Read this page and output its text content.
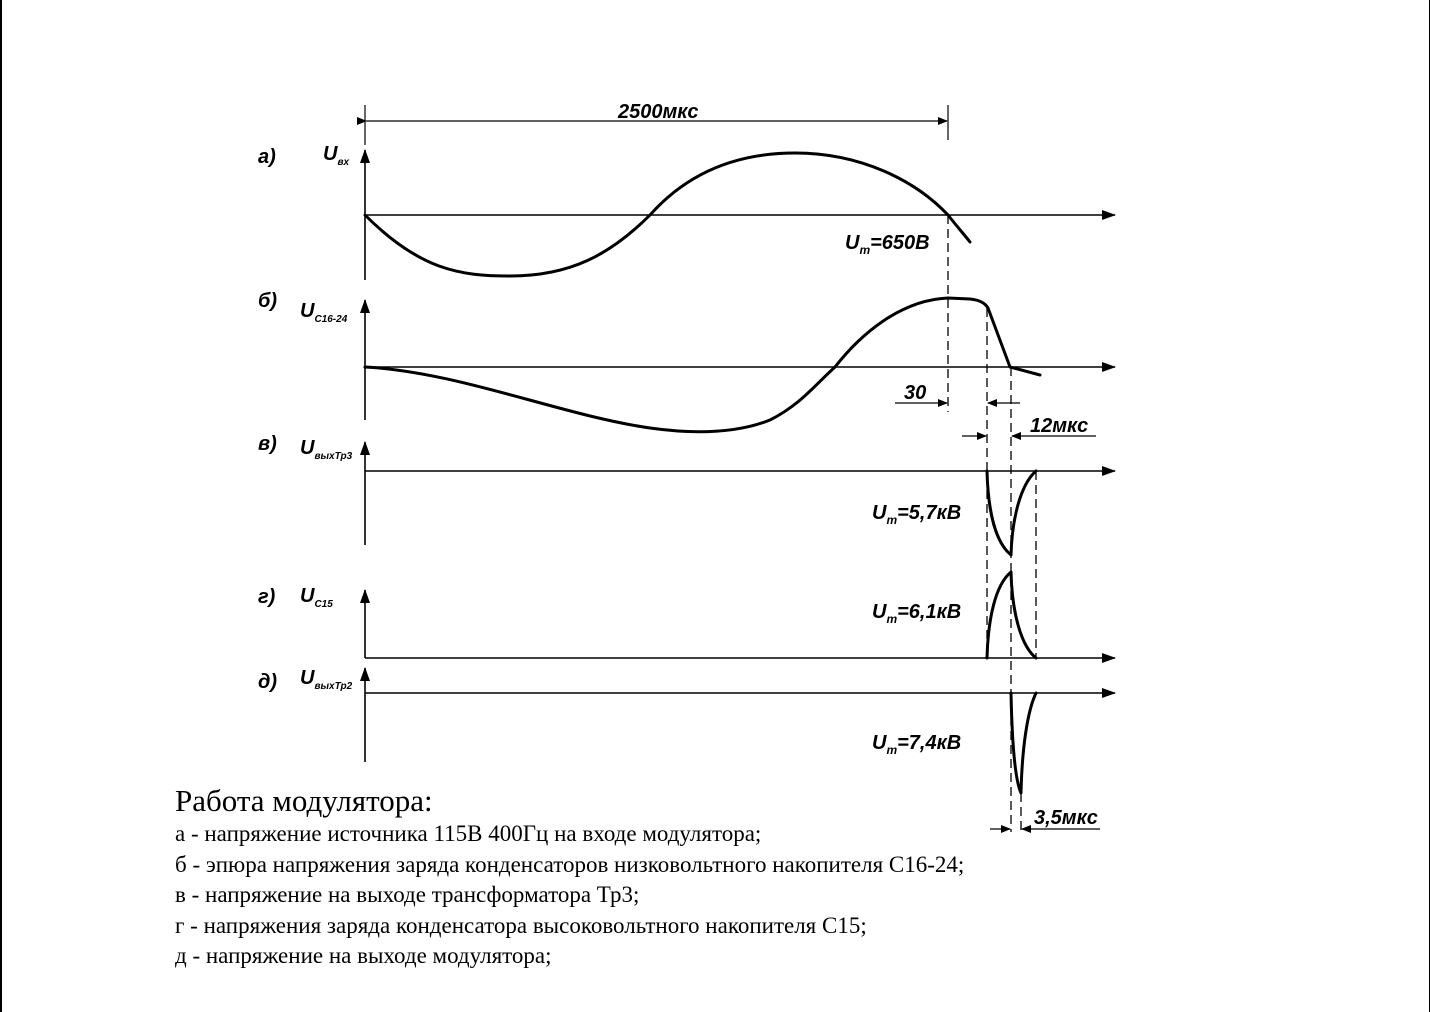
а) $U_{вх}$
$U_m=650В$
2500мкс
б) $U_{С16-24}$
в) $U_{выхТр3}$
$U_m=5,7кВ$
г) $U_{С15}$	$U_m=6,1кВ$
д) $U_{выхТр2}$
$U_m=7,4кВ$
30
12мкс
3,5мкс
Работа модулятора:
а - напряжение источника 115В 400Гц на входе модулятора;
б - эпюра напряжения заряда конденсаторов низковольтного накопителя С16-24;
в - напряжение на выходе трансформатора Тр3;
г - напряжения заряда конденсатора высоковольтного накопителя С15;
д - напряжение на выходе модулятора;
